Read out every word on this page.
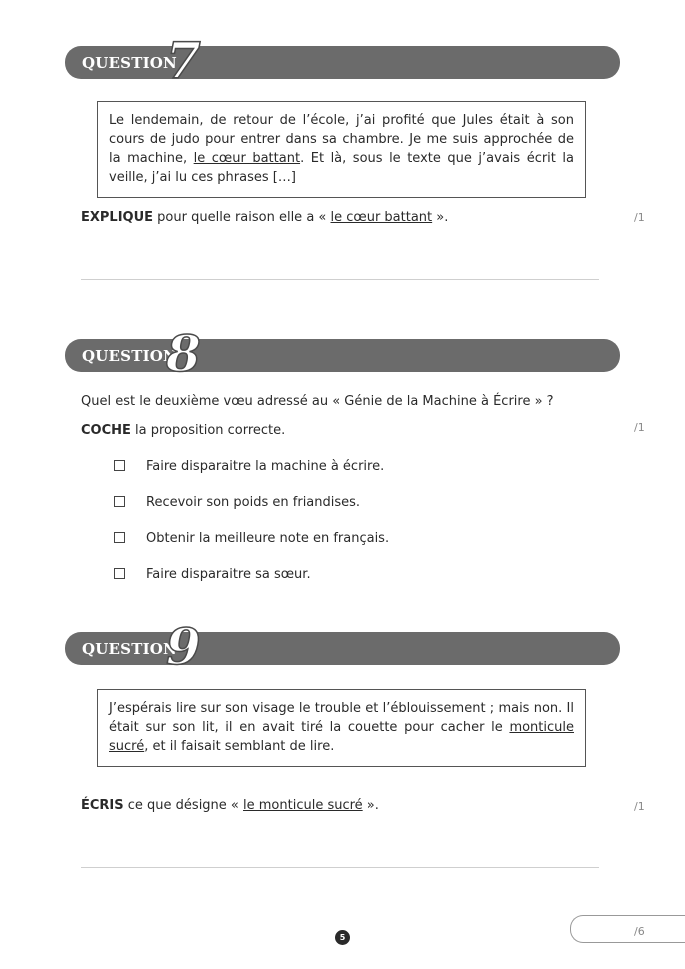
QUESTION
7
Le lendemain, de retour de l’école, j’ai profité que Jules était à son cours de judo pour entrer dans sa chambre. Je me suis approchée de la machine, le cœur battant. Et là, sous le texte que j’avais écrit la veille, j’ai lu ces phrases […]
EXPLIQUE pour quelle raison elle a « le cœur battant ».	/1
QUESTION
8
Quel est le deuxième vœu adressé au « Génie de la Machine à Écrire » ?
COCHE la proposition correcte.	/1
Faire disparaitre la machine à écrire.
Recevoir son poids en friandises.
Obtenir la meilleure note en français.
Faire disparaitre sa sœur.
QUESTION
9
J’espérais lire sur son visage le trouble et l’éblouissement ; mais non. Il était sur son lit, il en avait tiré la couette pour cacher le monticule sucré, et il faisait semblant de lire.
ÉCRIS ce que désigne « le monticule sucré ».	/1
5	/6
